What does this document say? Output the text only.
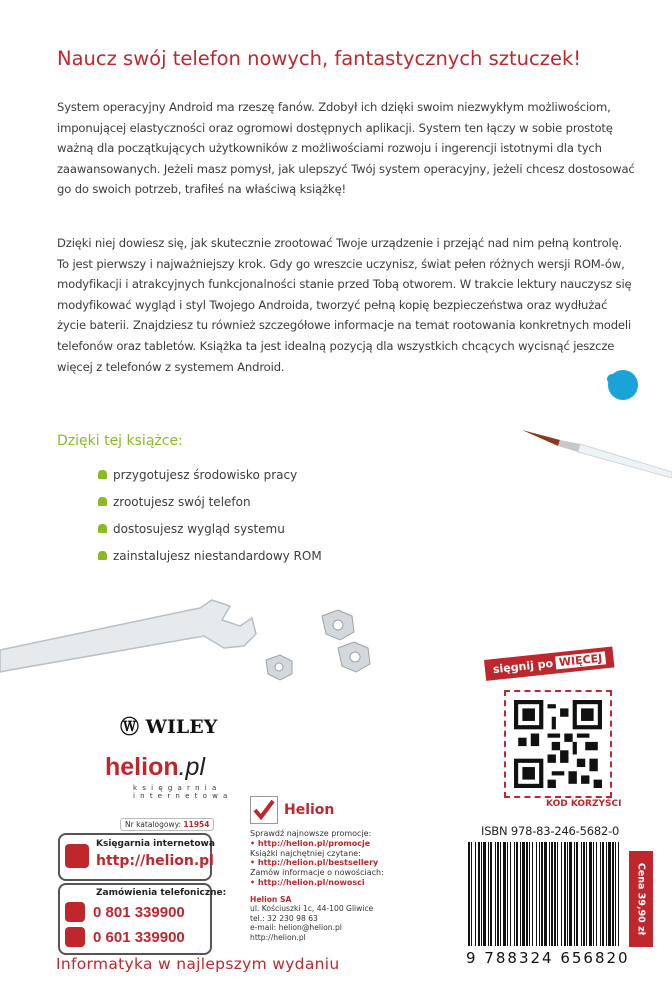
Naucz swój telefon nowych, fantastycznych sztuczek!
System operacyjny Android ma rzeszę fanów. Zdobył ich dzięki swoim niezwykłym możliwościom, imponującej elastyczności oraz ogromowi dostępnych aplikacji. System ten łączy w sobie prostotę ważną dla początkujących użytkowników z możliwościami rozwoju i ingerencji istotnymi dla tych zaawansowanych. Jeżeli masz pomysł, jak ulepszyć Twój system operacyjny, jeżeli chcesz dostosować go do swoich potrzeb, trafiłeś na właściwą książkę!
Dzięki niej dowiesz się, jak skutecznie zrootować Twoje urządzenie i przejąć nad nim pełną kontrolę. To jest pierwszy i najważniejszy krok. Gdy go wreszcie uczynisz, świat pełen różnych wersji ROM-ów, modyfikacji i atrakcyjnych funkcjonalności stanie przed Tobą otworem. W trakcie lektury nauczysz się modyfikować wygląd i styl Twojego Androida, tworzyć pełną kopię bezpieczeństwa oraz wydłużać życie baterii. Znajdziesz tu również szczegółowe informacje na temat rootowania konkretnych modeli telefonów oraz tabletów. Książka ta jest idealną pozycją dla wszystkich chcących wycisnąć jeszcze więcej z telefonów z systemem Android.
Dzięki tej książce:
przygotujesz środowisko pracy
zrootujesz swój telefon
dostosujesz wygląd systemu
zainstalujesz niestandardowy ROM
Ⓦ WILEY
helion.pl
k s i ę g a r n i a
i n t e r n e t o w a
Nr katalogowy: 11954
Księgarnia internetowa
http://helion.pl
Zamówienia telefoniczne:
0 801 339900
0 601 339900
Informatyka w najlepszym wydaniu
Helion
Sprawdź najnowsze promocje:
• http://helion.pl/promocje
Książki najchętniej czytane:
• http://helion.pl/bestsellery
Zamów informacje o nowościach:
• http://helion.pl/nowosci
Helion SA
ul. Kościuszki 1c, 44-100 Gliwice
tel.: 32 230 98 63
e-mail: helion@helion.pl
http://helion.pl
sięgnij po WIĘCEJ
KOD KORZYŚCI
ISBN 978-83-246-5682-0
9 788324 656820
Cena 39,90 zł
